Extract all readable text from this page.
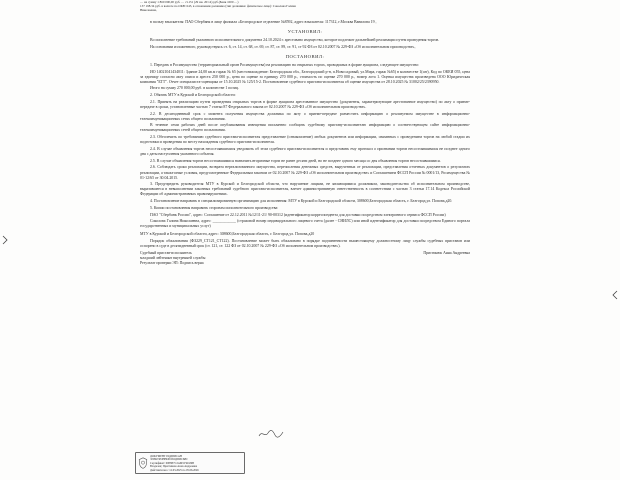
… на сумму 1 860 000,00 руб. … ст.151 (29 нн. 20:14) руб.(Банк 1000 …)

137 198.34 руб. в валюте по ОКВ: 643, в отношении должника (тип должника: физическое лицо): Соколова Галина

Николаевна,

в пользу взыскателя: ПАО Сбербанк в лице филиала «Белгородское отделение №8592, адрес взыскателя: 117312, г.Москва Вавилова 19 ,

УСТАНОВИЛ:

Во исполнение требований указанного исполнительного документа 24.10.2024 г. арестовано имущество, которое подлежит дальнейшей реализации путем проведения торгов.

На основании изложенного, руководствуясь ст. 6, ст. 14, ст. 68, ст. 69, ст. 87, ст. 89, ст. 91, ст 92 ФЗ от 02.10.2007 № 229-ФЗ «Об исполнительном производстве»,

ПОСТАНОВИЛ:

1. Передать в Росимущество (территориальный орган Росимущества) на реализацию на открытых торгах, проводимых в форме аукциона, следующее имущество:

ИО 14021041434011: Здание 24,00 кв.м гараж № 65 (местонахождение: Белгородская обл., Белгородский р-н, п.Новосадовый, ул.Мира, гараж №65) в количестве 1(шт), Код по ОКЕИ 055, цена за единицу согласно акту описи и ареста 250 000 р., цена по оценке за единицу 270 000 р., стоимость по оценке 270 000 р., номер лота 1. Оценка имущества произведена ООО Юридическая компания "БТТ". Отчет специалиста-оценщика от 15.10.2025 № 125/15-2. Постановление судебного пристава-исполнителя об оценке имущества от 28.10.2025 № 31002/25/2390950.

Итого на сумму 270 000,00 руб. в количестве 1 позиц.

2. Обязать МТУ в Курской и Белгородской области:

2.1. Принять на реализацию путем проведения открытых торгов в форме аукциона арестованное имущество (документы, характеризующие арестованное имущество) по акту о приеме-передаче в сроки, установленные частью 7 статьи 87 Федерального закона от 02.10.2007 № 229-ФЗ «Об исполнительном производстве».

2.2. В десятидневный срок с момента получения имущества должника по акту о приеме-передаче разместить информацию о реализуемом имуществе в информационно-телекоммуникационных сетях общего пользования.

В течение семи рабочих дней после опубликования извещения письменно сообщить судебному приставу-исполнителю информацию о соответствующем сайте информационно-телекоммуникационных сетей общего пользования.

2.3. Обеспечить по требованию судебного пристава-исполнителя представление (ознакомление) любых документов или информации, связанных с проведением торгов на любой стадии их подготовки и проведения по месту нахождения судебного пристава-исполнителя.

2.4. В случае объявления торгов несостоявшимися уведомить об этом судебного пристава-исполнителя и представить ему протокол о признании торгов несостоявшимися не позднее одного дня с даты наступления указанного события.

2.5. В случае объявления торгов несостоявшимися назначить вторичные торги не ранее десяти дней, но не позднее одного месяца со дня объявления торгов несостоявшимися.

2.6. Соблюдать сроки реализации, возврата нереализованного имущества, перечисления денежных средств, вырученных от реализации, представления отчетных документов о результатах реализации, а также иные условия, предусмотренные Федеральным законом от 02.10.2007 № 229-ФЗ «Об исполнительном производстве» и Соглашением ФССП России № 0001/13, Росимущества № 01-12/65 от 30.04.2015.

3. Предупредить руководителя МТУ в Курской и Белгородской области, что нарушение лицами, не являющимися должником, законодательства об исполнительном производстве, выразившееся в невыполнении законных требований судебного пристава-исполнителя, влечет административную ответственность в соответствии с частью 3 статьи 17.14 Кодекса Российской Федерации об административных правонарушениях.

4. Постановление направить в специализированную организацию для исполнения: МТУ в Курской и Белгородской области, 308600,Белгородская область, г. Белгород,ул. Попова,д20.

5. Копии постановления направить сторонам исполнительного производства:

ПАО "Сбербанк России", адрес: Соглашение от 22.12.2011 №12/11-21/ 90-00312 (идентификатор корреспондента для доставки посредством электронного сервиса ФССП России)

Соколова Галина Николаевна, адрес: ____________ (страховой номер индивидуального лицевого счета (далее - СНИЛС) или иной идентификатор для доставки посредством Единого портала государственных и муниципальных услуг)

МТУ в Курской и Белгородской области, адрес: 308600,Белгородская область, г. Белгород,ул. Попова,д20

Порядок обжалования (ФЗ229_СТ121_СТ122). Постановление может быть обжаловано в порядке подчиненности вышестоящему должностному лицу службы судебных приставов или оспорено в суде в десятидневный срок (ст. 121, ст. 122 ФЗ от 02.10.2007 № 229-ФЗ «Об исполнительном производстве»).

Судебный пристав-исполнитель	Пристинюк Анна Андреевна
младший лейтенант внутренней службы
Результат проверки ЭП: Подпись верна
ДОКУМЕНТ ПОДПИСАН
ЭЛЕКТРОННОЙ ПОДПИСЬЮ
Сертификат: 0083B7C2A6E1F4D29B
Владелец: Пристинюк Анна Андреевна
Действителен с 12.03.2025 по 05.06.2026
